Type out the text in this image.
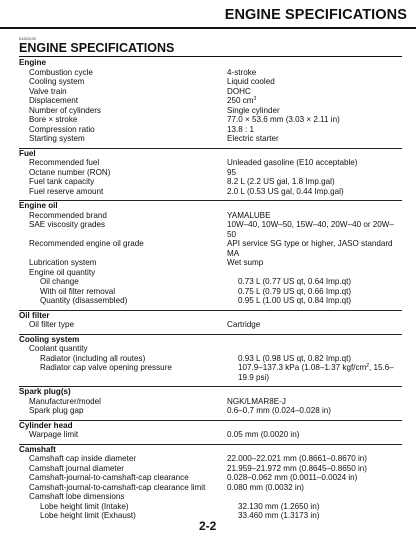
ENGINE SPECIFICATIONS
EAS20130
ENGINE SPECIFICATIONS
Engine
Combustion cycle	4-stroke
Cooling system	Liquid cooled
Valve train	DOHC
Displacement	250 $cm^3$
Number of cylinders	Single cylinder
Bore × stroke	77.0 × 53.6 mm (3.03 × 2.11 in)
Compression ratio	13.8 : 1
Starting system	Electric starter
Fuel
Recommended fuel	Unleaded gasoline (E10 acceptable)
Octane number (RON)	95
Fuel tank capacity	8.2 L (2.2 US gal, 1.8 Imp.gal)
Fuel reserve amount	2.0 L (0.53 US gal, 0.44 Imp.gal)
Engine oil
Recommended brand	YAMALUBE
SAE viscosity grades	10W–40, 10W–50, 15W–40, 20W–40 or 20W–50
Recommended engine oil grade	API service SG type or higher, JASO standard MA
Lubrication system	Wet sump
Engine oil quantity
Oil change	0.73 L (0.77 US qt, 0.64 Imp.qt)
With oil filter removal	0.75 L (0.79 US qt, 0.66 Imp.qt)
Quantity (disassembled)	0.95 L (1.00 US qt, 0.84 Imp.qt)
Oil filter
Oil filter type	Cartridge
Cooling system
Coolant quantity
Radiator (including all routes)	0.93 L (0.98 US qt, 0.82 Imp.qt)
Radiator cap valve opening pressure	107.9–137.3 kPa (1.08–1.37 kgf/$cm^2$, 15.6–19.9 psi)
Spark plug(s)
Manufacturer/model	NGK/LMAR8E-J
Spark plug gap	0.6–0.7 mm (0.024–0.028 in)
Cylinder head
Warpage limit	0.05 mm (0.0020 in)
Camshaft
Camshaft cap inside diameter	22.000–22.021 mm (0.8661–0.8670 in)
Camshaft journal diameter	21.959–21.972 mm (0.8645–0.8650 in)
Camshaft-journal-to-camshaft-cap clearance	0.028–0.062 mm (0.0011–0.0024 in)
Camshaft-journal-to-camshaft-cap clearance limit	0.080 mm (0.0032 in)
Camshaft lobe dimensions
Lobe height limit (Intake)	32.130 mm (1.2650 in)
Lobe height limit (Exhaust)	33.460 mm (1.3173 in)
2-2
